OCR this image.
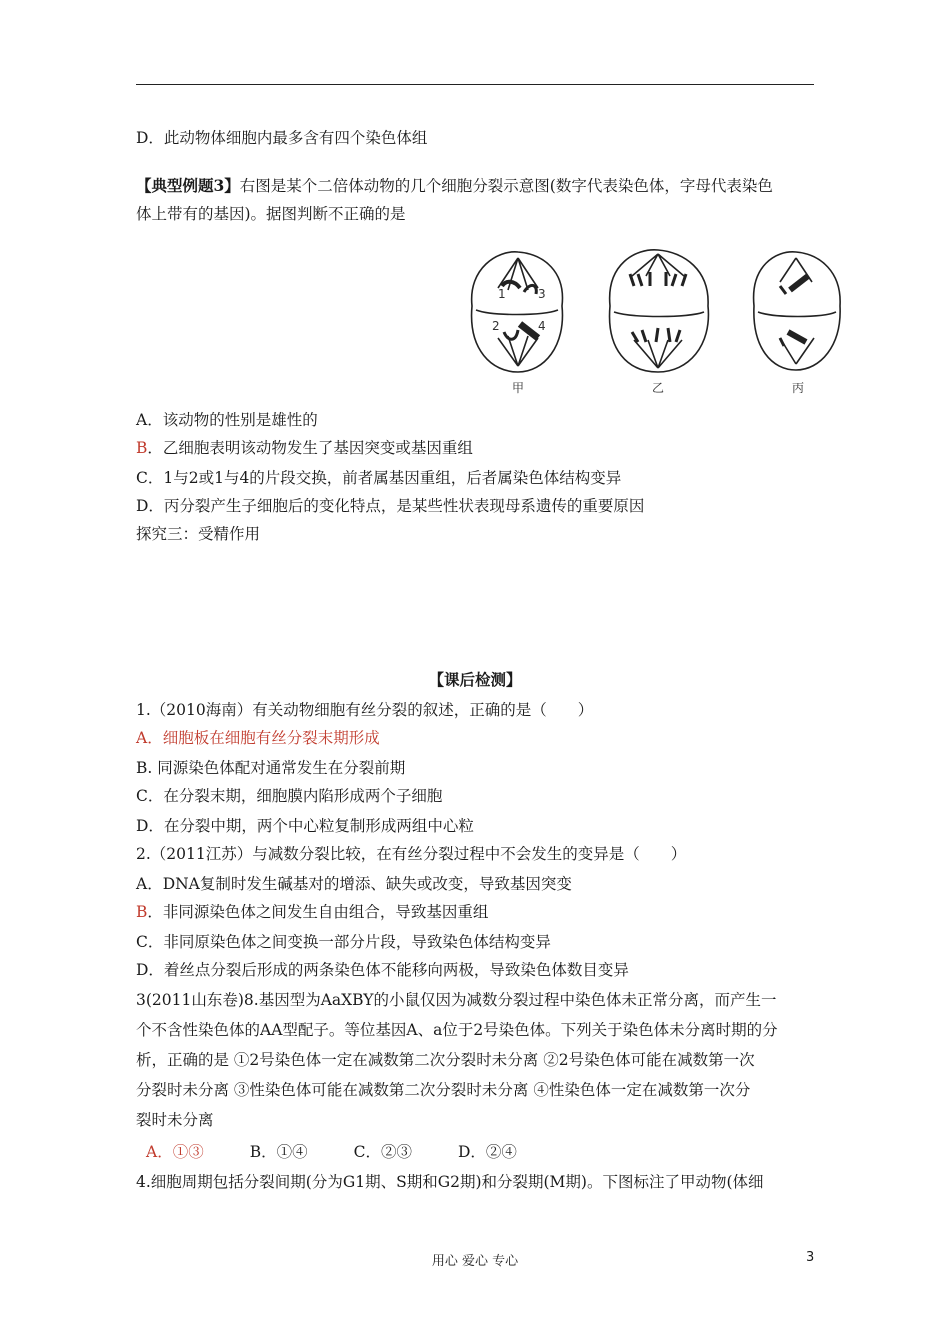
D．此动物体细胞内最多含有四个染色体组
【典型例题3】右图是某个二倍体动物的几个细胞分裂示意图(数字代表染色体，字母代表染色
体上带有的基因)。据图判断不正确的是
1
2
3
4
甲	乙	丙
A．该动物的性别是雄性的
B．乙细胞表明该动物发生了基因突变或基因重组
C．1与2或1与4的片段交换，前者属基因重组，后者属染色体结构变异
D．丙分裂产生子细胞后的变化特点，是某些性状表现母系遗传的重要原因
探究三：受精作用
【课后检测】
1.（2010海南）有关动物细胞有丝分裂的叙述，正确的是（　　）
A．细胞板在细胞有丝分裂末期形成
B. 同源染色体配对通常发生在分裂前期
C．在分裂末期，细胞膜内陷形成两个子细胞
D．在分裂中期，两个中心粒复制形成两组中心粒
2.（2011江苏）与减数分裂比较，在有丝分裂过程中不会发生的变异是（　　）
A．DNA复制时发生碱基对的增添、缺失或改变，导致基因突变
B．非同源染色体之间发生自由组合，导致基因重组
C．非同原染色体之间变换一部分片段，导致染色体结构变异
D．着丝点分裂后形成的两条染色体不能移向两极，导致染色体数目变异
3(2011山东卷)8.基因型为AaXBY的小鼠仅因为减数分裂过程中染色体未正常分离，而产生一
个不含性染色体的AA型配子。等位基因A、a位于2号染色体。下列关于染色体未分离时期的分
析，正确的是 ①2号染色体一定在减数第二次分裂时未分离 ②2号染色体可能在减数第一次
分裂时未分离 ③性染色体可能在减数第二次分裂时未分离 ④性染色体一定在减数第一次分
裂时未分离
A．①③	B．①④	C．②③	D．②④
4.细胞周期包括分裂间期(分为G1期、S期和G2期)和分裂期(M期)。下图标注了甲动物(体细
用心 爱心 专心	3
